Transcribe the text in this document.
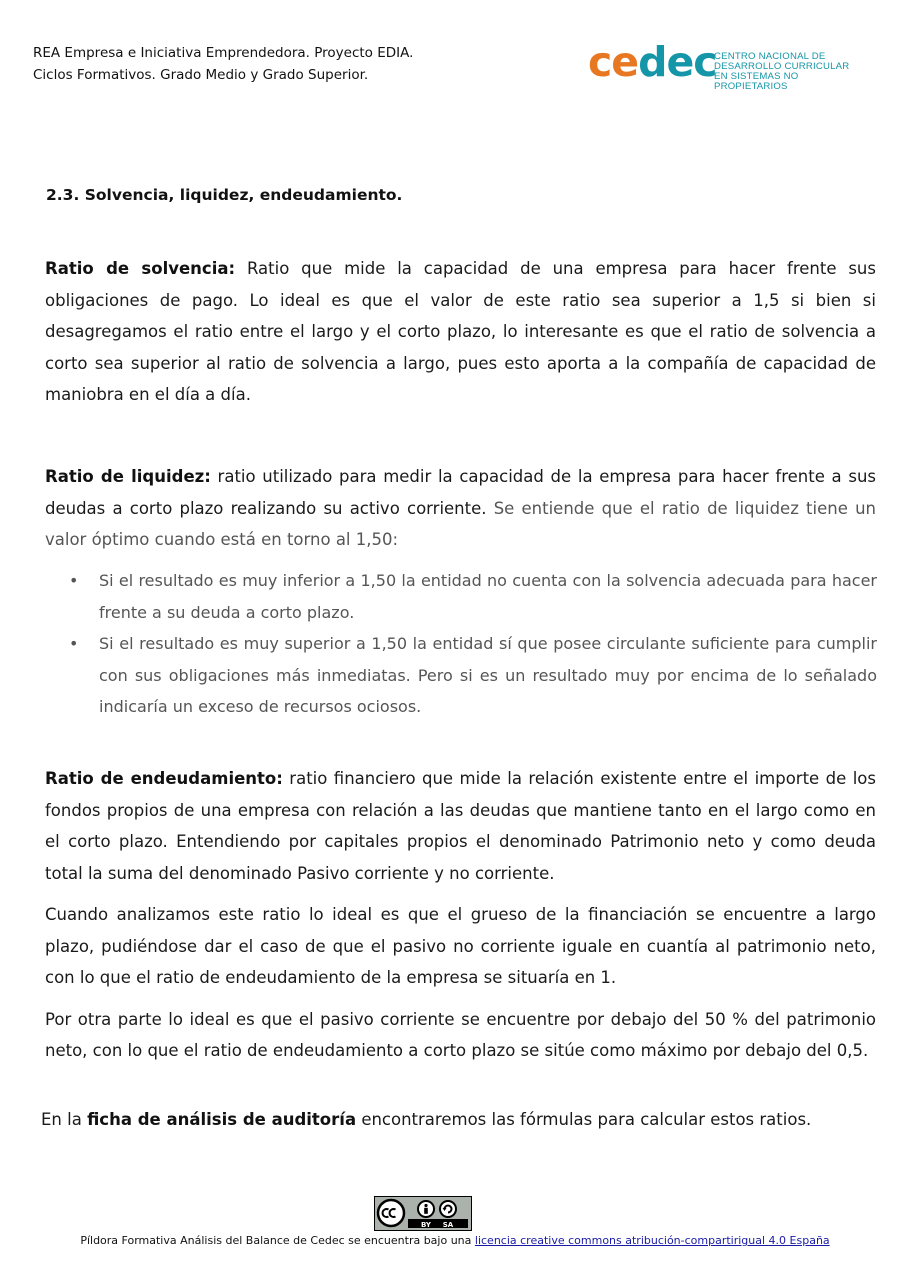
REA Empresa e Iniciativa Emprendedora. Proyecto EDIA.
Ciclos Formativos. Grado Medio y Grado Superior.	cedec
CENTRO NACIONAL DE
DESARROLLO CURRICULAR
EN SISTEMAS NO PROPIETARIOS
2.3. Solvencia, liquidez, endeudamiento.

Ratio de solvencia: Ratio que mide la capacidad de una empresa para hacer frente sus obligaciones de pago. Lo ideal es que el valor de este ratio sea superior a 1,5 si bien si desagregamos el ratio entre el largo y el corto plazo, lo interesante es que el ratio de solvencia a corto sea superior al ratio de solvencia a largo, pues esto aporta a la compañía de capacidad de maniobra en el día a día.

Ratio de liquidez: ratio utilizado para medir la capacidad de la empresa para hacer frente a sus deudas a corto plazo realizando su activo corriente. Se entiende que el ratio de liquidez tiene un valor óptimo cuando está en torno al 1,50:

• Si el resultado es muy inferior a 1,50 la entidad no cuenta con la solvencia adecuada para hacer frente a su deuda a corto plazo.
• Si el resultado es muy superior a 1,50 la entidad sí que posee circulante suficiente para cumplir con sus obligaciones más inmediatas. Pero si es un resultado muy por encima de lo señalado indicaría un exceso de recursos ociosos.

Ratio de endeudamiento: ratio financiero que mide la relación existente entre el importe de los fondos propios de una empresa con relación a las deudas que mantiene tanto en el largo como en el corto plazo. Entendiendo por capitales propios el denominado Patrimonio neto y como deuda total la suma del denominado Pasivo corriente y no corriente.

Cuando analizamos este ratio lo ideal es que el grueso de la financiación se encuentre a largo plazo, pudiéndose dar el caso de que el pasivo no corriente iguale en cuantía al patrimonio neto, con lo que el ratio de endeudamiento de la empresa se situaría en 1.

Por otra parte lo ideal es que el pasivo corriente se encuentre por debajo del 50 % del patrimonio neto, con lo que el ratio de endeudamiento a corto plazo se sitúe como máximo por debajo del 0,5.

En la ficha de análisis de auditoría encontraremos las fórmulas para calcular estos ratios.
BY SA
Píldora Formativa Análisis del Balance de Cedec se encuentra bajo una licencia creative commons atribución-compartirigual 4.0 España
